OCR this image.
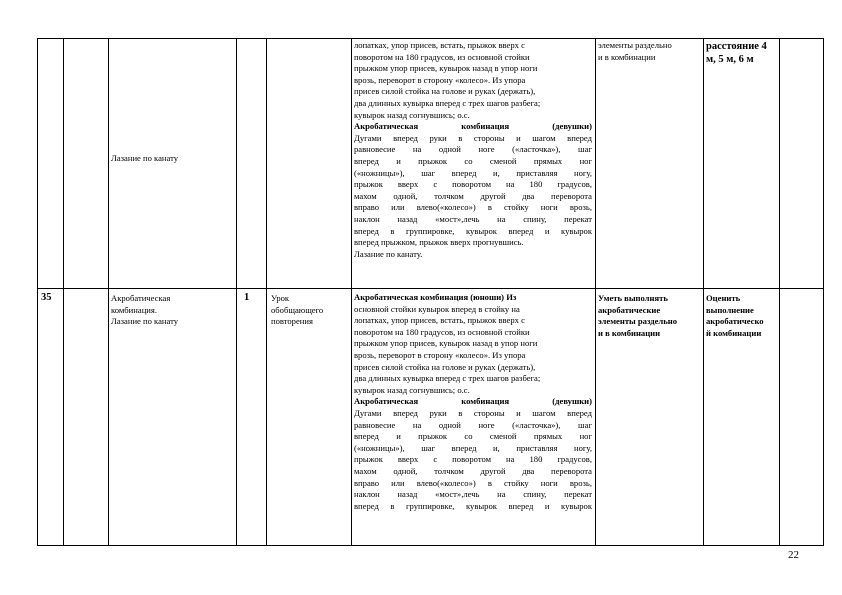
Лазание по канату
лопатках, упор присев, встать, прыжок вверх с
поворотом на 180 градусов, из основной стойки
прыжком упор присев, кувырок назад в упор ноги
врозь, переворот в сторону «колесо». Из упора
присев силой стойка на голове и руках (держать),
два длинных кувырка вперед с трех шагов разбега;
кувырок назад согнувшись; о.с.
Акробатическая комбинация (девушки)
Дугами вперед руки в стороны и шагом вперед
равновесие на одной ноге («ласточка»), шаг
вперед и прыжок со сменой прямых ног
(«ножницы»), шаг вперед и, приставляя ногу,
прыжок вверх с поворотом на 180 градусов,
махом одной, толчком другой два переворота
вправо или влево(«колесо») в стойку ноги врозь,
наклон назад «мост»,лечь на спину, перекат
вперед в группировке, кувырок вперед и кувырок
вперед прыжком, прыжок вверх прогнувшись.
Лазание по канату.
элементы раздельно
и в комбинации
расстояние 4
м, 5 м, 6 м
35	Акробатическая
комбинация.
Лазание по канату
1	Урок
обобщающего
повторения
Акробатическая комбинация (юноши) Из
основной стойки кувырок вперед в стойку на
лопатках, упор присев, встать, прыжок вверх с
поворотом на 180 градусов, из основной стойки
прыжком упор присев, кувырок назад в упор ноги
врозь, переворот в сторону «колесо». Из упора
присев силой стойка на голове и руках (держать),
два длинных кувырка вперед с трех шагов разбега;
кувырок назад согнувшись; о.с.
Акробатическая комбинация (девушки)
Дугами вперед руки в стороны и шагом вперед
равновесие на одной ноге («ласточка»), шаг
вперед и прыжок со сменой прямых ног
(«ножницы»), шаг вперед и, приставляя ногу,
прыжок вверх с поворотом на 180 градусов,
махом одной, толчком другой два переворота
вправо или влево(«колесо») в стойку ноги врозь,
наклон назад «мост»,лечь на спину, перекат
вперед в группировке, кувырок вперед и кувырок
Уметь выполнять
акробатические
элементы раздельно
и в комбинации
Оценить
выполнение
акробатическо
й комбинации
22
